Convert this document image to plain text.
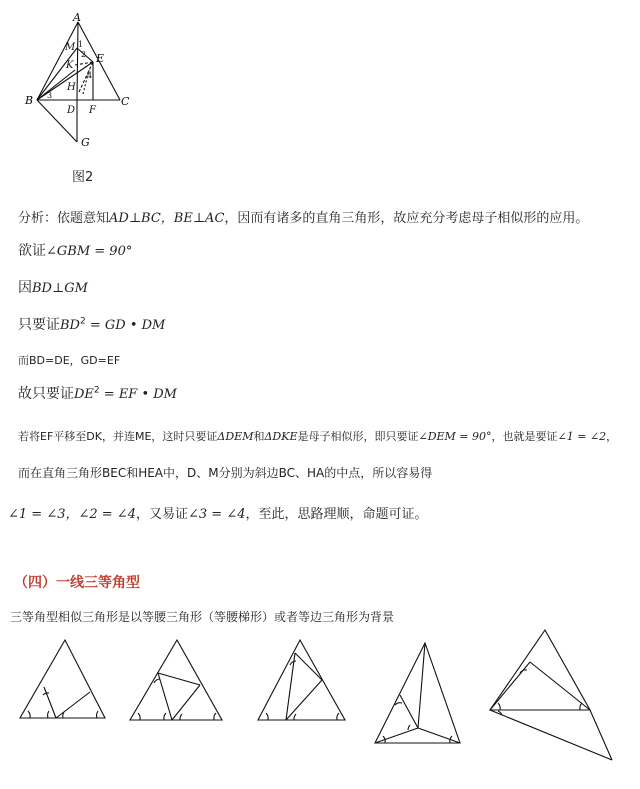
A
M
K
E
H
B
D F
C
G
1
2
3
4
图2
分析：依题意知AD⊥BC，BE⊥AC，因而有诸多的直角三角形，故应充分考虑母子相似形的应用。
欲证∠GBM = 90°
因BD⊥GM
只要证$BD^2$ = GD • DM
而BD=DE，GD=EF
故只要证$DE^2$ = EF • DM
若将EF平移至DK，并连ME，这时只要证ΔDEM和ΔDKE是母子相似形，即只要证∠DEM = 90°，也就是要证∠1 = ∠2，
而在直角三角形BEC和HEA中，D、M分别为斜边BC、HA的中点，所以容易得
∠1 = ∠3，∠2 = ∠4，又易证∠3 = ∠4，至此，思路理顺，命题可证。
（四）一线三等角型
三等角型相似三角形是以等腰三角形（等腰梯形）或者等边三角形为背景
